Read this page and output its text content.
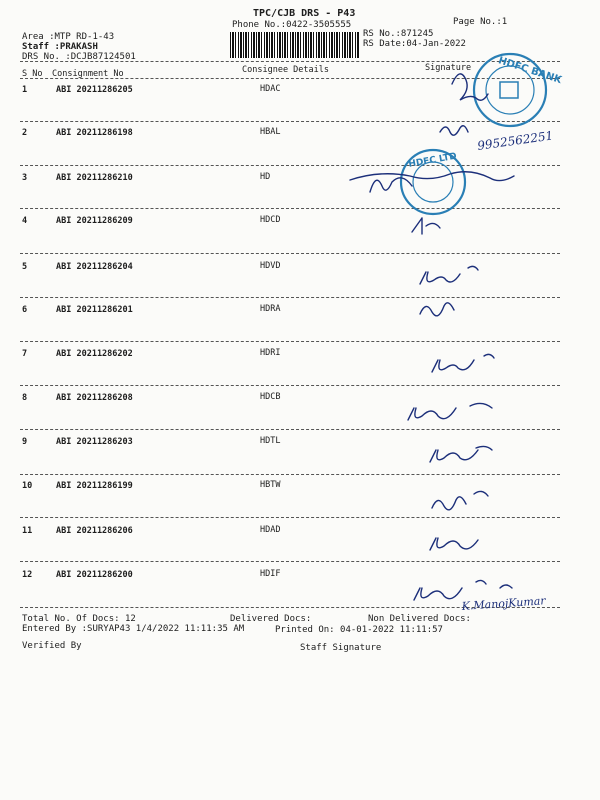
TPC/CJB DRS - P43
Phone No.:0422-3505555	Page No.:1
Area :MTP RD-1-43
Staff :PRAKASH
DRS No. :DCJB87124501
RS No.:871245
RS Date:04-Jan-2022
S No Consignment No	Consignee Details	Signature
1	ABI 20211286205	HDAC
2	ABI 20211286198	HBAL
3	ABI 20211286210	HD
4	ABI 20211286209	HDCD
5	ABI 20211286204	HDVD
6	ABI 20211286201	HDRA
7	ABI 20211286202	HDRI
8	ABI 20211286208	HDCB
9	ABI 20211286203	HDTL
10	ABI 20211286199	HBTW
11	ABI 20211286206	HDAD
12	ABI 20211286200	HDIF
Total No. Of Docs: 12	Delivered Docs:	Non Delivered Docs:
Entered By :SURYAP43 1/4/2022 11:11:35 AM	Printed On: 04-01-2022 11:11:57
Verified By	Staff Signature
HDFC BANK
HDFC LTD
9952562251
K.ManojKumar
